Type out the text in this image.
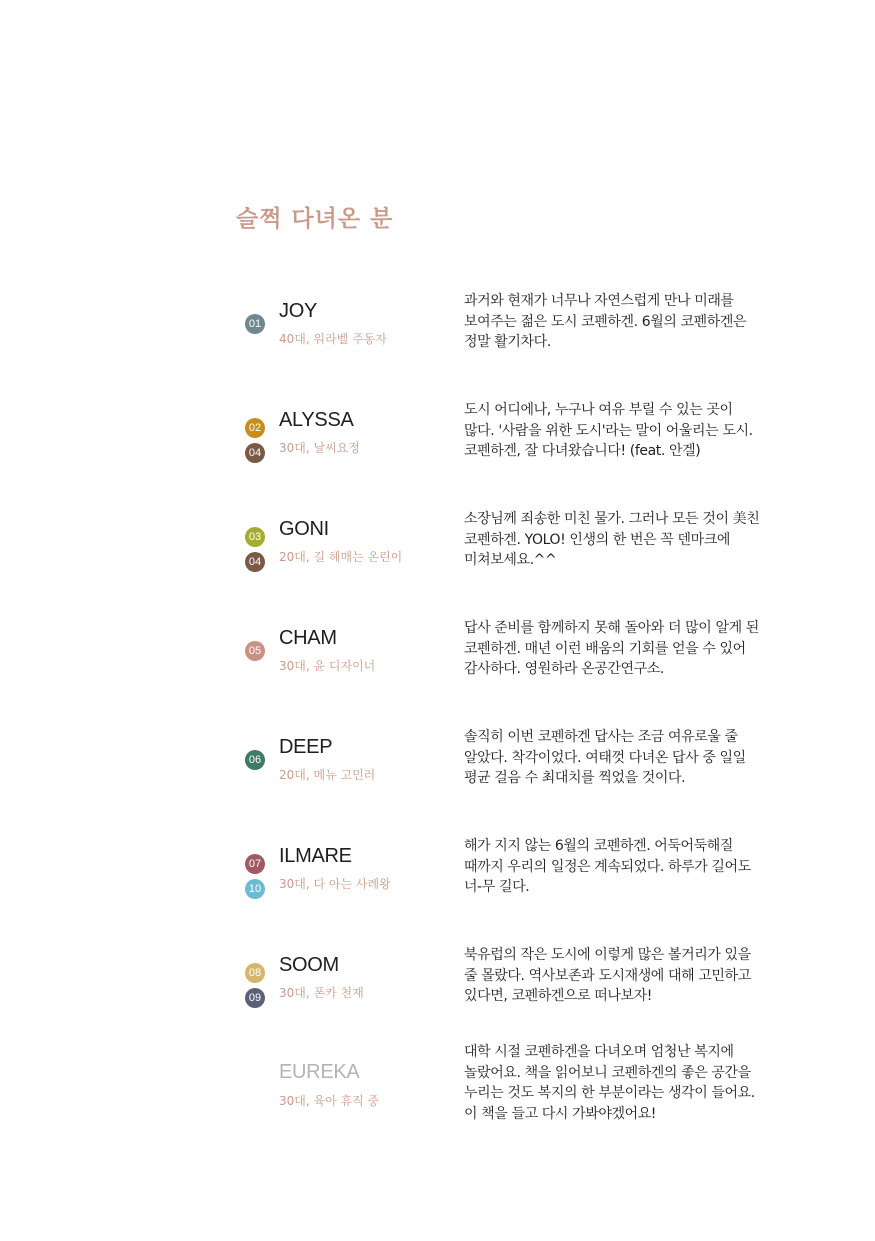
슬쩍 다녀온 분
01
JOY
40대, 워라벨 주동자

과거와 현재가 너무나 자연스럽게 만나 미래를 보여주는 젊은 도시 코펜하겐. 6월의 코펜하겐은 정말 활기차다.

02
04
ALYSSA
30대, 날씨요정

도시 어디에나, 누구나 여유 부릴 수 있는 곳이 많다. '사람을 위한 도시'라는 말이 어울리는 도시. 코펜하겐, 잘 다녀왔습니다! (feat. 안겔)

03
04
GONI
20대, 길 헤매는 온린이

소장님께 죄송한 미친 물가. 그러나 모든 것이 美친 코펜하겐. YOLO! 인생의 한 번은 꼭 덴마크에 미쳐보세요.^^

05
CHAM
30대, 윤 디자이너

답사 준비를 함께하지 못해 돌아와 더 많이 알게 된 코펜하겐. 매년 이런 배움의 기회를 얻을 수 있어 감사하다. 영원하라 온공간연구소.

06
DEEP
20대, 메뉴 고민러

솔직히 이번 코펜하겐 답사는 조금 여유로울 줄 알았다. 착각이었다. 여태껏 다녀온 답사 중 일일 평균 걸음 수 최대치를 찍었을 것이다.

07
10
ILMARE
30대, 다 아는 사례왕

해가 지지 않는 6월의 코펜하겐. 어둑어둑해질 때까지 우리의 일정은 계속되었다. 하루가 길어도 너-무 길다.

08
09
SOOM
30대, 폰카 천재

북유럽의 작은 도시에 이렇게 많은 볼거리가 있을 줄 몰랐다. 역사보존과 도시재생에 대해 고민하고 있다면, 코펜하겐으로 떠나보자!

EUREKA
30대, 육아 휴직 중

대학 시절 코펜하겐을 다녀오며 엄청난 복지에 놀랐어요. 책을 읽어보니 코펜하겐의 좋은 공간을 누리는 것도 복지의 한 부분이라는 생각이 들어요. 이 책을 들고 다시 가봐야겠어요!
